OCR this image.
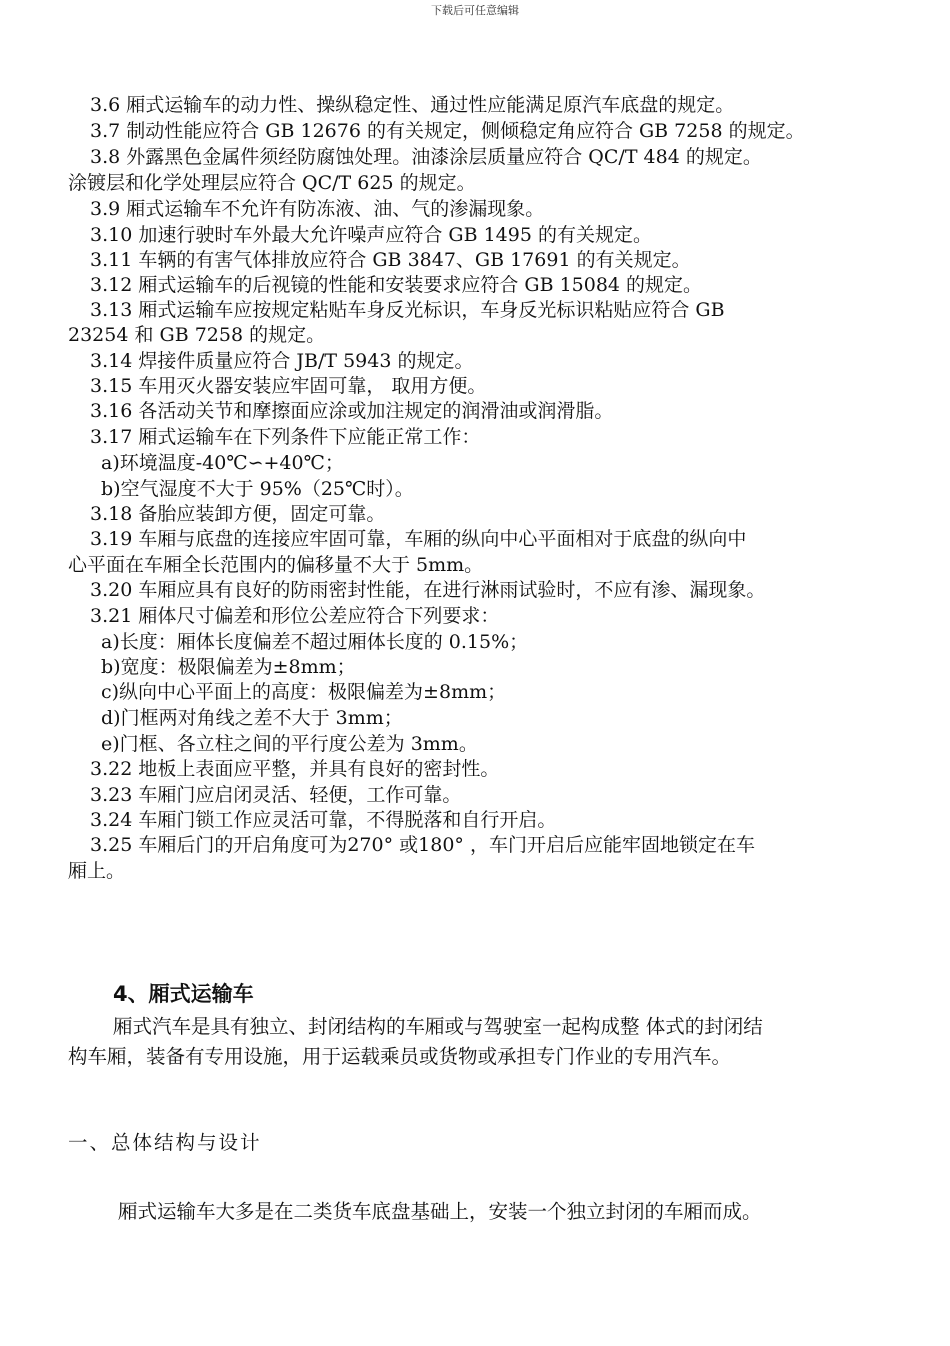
下载后可任意编辑
3.6 厢式运输车的动力性、操纵稳定性、通过性应能满足原汽车底盘的规定。
3.7 制动性能应符合 GB 12676 的有关规定，侧倾稳定角应符合 GB 7258 的规定。
3.8 外露黑色金属件须经防腐蚀处理。油漆涂层质量应符合 QC/T 484 的规定。
涂镀层和化学处理层应符合 QC/T 625 的规定。
3.9 厢式运输车不允许有防冻液、油、气的渗漏现象。
3.10 加速行驶时车外最大允许噪声应符合 GB 1495 的有关规定。
3.11 车辆的有害气体排放应符合 GB 3847、GB 17691 的有关规定。
3.12 厢式运输车的后视镜的性能和安装要求应符合 GB 15084 的规定。
3.13 厢式运输车应按规定粘贴车身反光标识，车身反光标识粘贴应符合 GB
23254 和 GB 7258 的规定。
3.14 焊接件质量应符合 JB/T 5943 的规定。
3.15 车用灭火器安装应牢固可靠， 取用方便。
3.16 各活动关节和摩擦面应涂或加注规定的润滑油或润滑脂。
3.17 厢式运输车在下列条件下应能正常工作：
a)环境温度-40℃∽+40℃；
b)空气湿度不大于 95%（25℃时）。
3.18 备胎应装卸方便，固定可靠。
3.19 车厢与底盘的连接应牢固可靠，车厢的纵向中心平面相对于底盘的纵向中
心平面在车厢全长范围内的偏移量不大于 5mm。
3.20 车厢应具有良好的防雨密封性能，在进行淋雨试验时，不应有渗、漏现象。
3.21 厢体尺寸偏差和形位公差应符合下列要求：
a)长度：厢体长度偏差不超过厢体长度的 0.15%；
b)宽度：极限偏差为±8mm；
c)纵向中心平面上的高度：极限偏差为±8mm；
d)门框两对角线之差不大于 3mm；
e)门框、各立柱之间的平行度公差为 3mm。
3.22 地板上表面应平整，并具有良好的密封性。
3.23 车厢门应启闭灵活、轻便，工作可靠。
3.24 车厢门锁工作应灵活可靠，不得脱落和自行开启。
3.25 车厢后门的开启角度可为270° 或180° ，车门开启后应能牢固地锁定在车
厢上。
4、厢式运输车
厢式汽车是具有独立、封闭结构的车厢或与驾驶室一起构成整 体式的封闭结
构车厢，装备有专用设施，用于运载乘员或货物或承担专门作业的专用汽车。
一、总体结构与设计
厢式运输车大多是在二类货车底盘基础上，安装一个独立封闭的车厢而成。
